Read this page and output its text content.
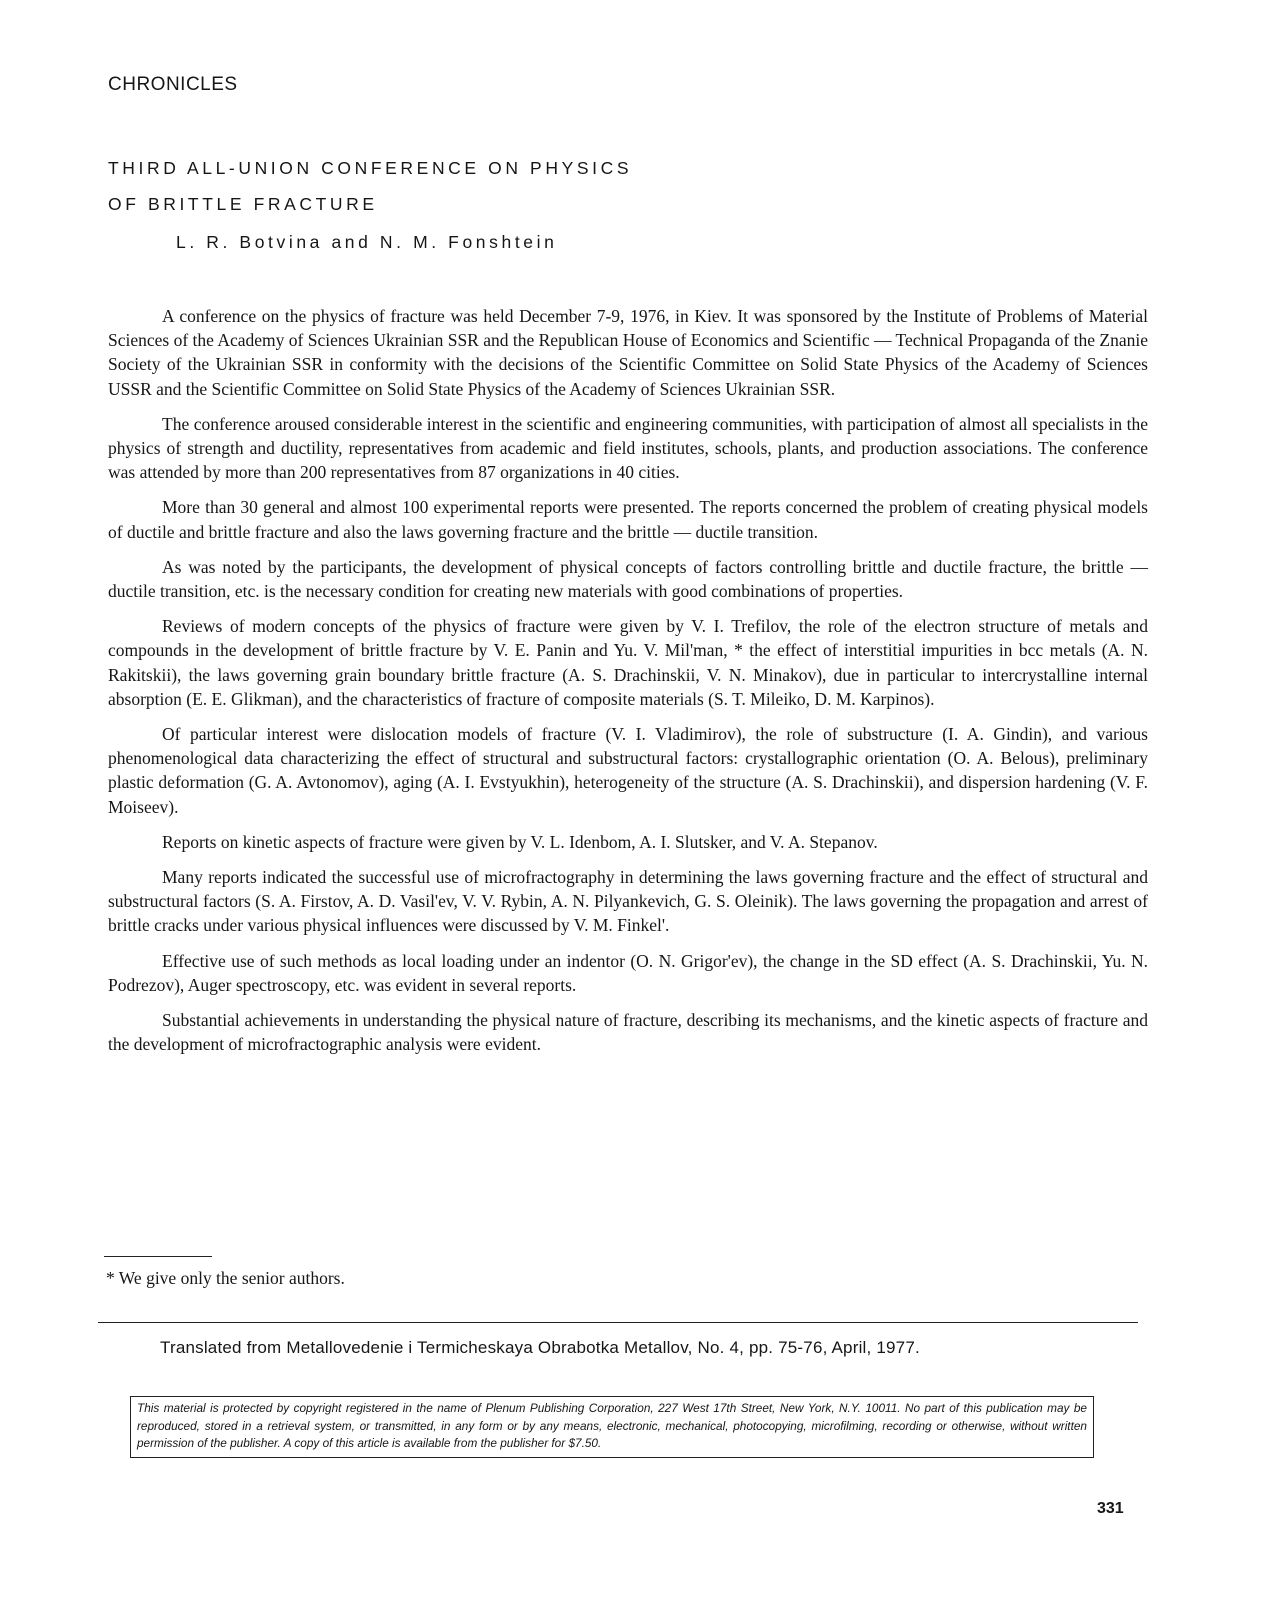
CHRONICLES
THIRD ALL-UNION CONFERENCE ON PHYSICS
OF BRITTLE FRACTURE
L. R. Botvina and N. M. Fonshtein

A conference on the physics of fracture was held December 7-9, 1976, in Kiev. It was sponsored by the Institute of Problems of Material Sciences of the Academy of Sciences Ukrainian SSR and the Republican House of Economics and Scientific — Technical Propaganda of the Znanie Society of the Ukrainian SSR in conformity with the decisions of the Scientific Committee on Solid State Physics of the Academy of Sciences USSR and the Scientific Committee on Solid State Physics of the Academy of Sciences Ukrainian SSR.

The conference aroused considerable interest in the scientific and engineering communities, with participation of almost all specialists in the physics of strength and ductility, representatives from academic and field institutes, schools, plants, and production associations. The conference was attended by more than 200 representatives from 87 organizations in 40 cities.

More than 30 general and almost 100 experimental reports were presented. The reports concerned the problem of creating physical models of ductile and brittle fracture and also the laws governing fracture and the brittle — ductile transition.

As was noted by the participants, the development of physical concepts of factors controlling brittle and ductile fracture, the brittle — ductile transition, etc. is the necessary condition for creating new materials with good combinations of properties.

Reviews of modern concepts of the physics of fracture were given by V. I. Trefilov, the role of the electron structure of metals and compounds in the development of brittle fracture by V. E. Panin and Yu. V. Mil'man, * the effect of interstitial impurities in bcc metals (A. N. Rakitskii), the laws governing grain boundary brittle fracture (A. S. Drachinskii, V. N. Minakov), due in particular to intercrystalline internal absorption (E. E. Glikman), and the characteristics of fracture of composite materials (S. T. Mileiko, D. M. Karpinos).

Of particular interest were dislocation models of fracture (V. I. Vladimirov), the role of substructure (I. A. Gindin), and various phenomenological data characterizing the effect of structural and substructural factors: crystallographic orientation (O. A. Belous), preliminary plastic deformation (G. A. Avtonomov), aging (A. I. Evstyukhin), heterogeneity of the structure (A. S. Drachinskii), and dispersion hardening (V. F. Moiseev).

Reports on kinetic aspects of fracture were given by V. L. Idenbom, A. I. Slutsker, and V. A. Stepanov.

Many reports indicated the successful use of microfractography in determining the laws governing fracture and the effect of structural and substructural factors (S. A. Firstov, A. D. Vasil'ev, V. V. Rybin, A. N. Pilyankevich, G. S. Oleinik). The laws governing the propagation and arrest of brittle cracks under various physical influences were discussed by V. M. Finkel'.

Effective use of such methods as local loading under an indentor (O. N. Grigor'ev), the change in the SD effect (A. S. Drachinskii, Yu. N. Podrezov), Auger spectroscopy, etc. was evident in several reports.

Substantial achievements in understanding the physical nature of fracture, describing its mechanisms, and the kinetic aspects of fracture and the development of microfractographic analysis were evident.

* We give only the senior authors.
Translated from Metallovedenie i Termicheskaya Obrabotka Metallov, No. 4, pp. 75-76, April, 1977.
This material is protected by copyright registered in the name of Plenum Publishing Corporation, 227 West 17th Street, New York, N.Y. 10011. No part of this publication may be reproduced, stored in a retrieval system, or transmitted, in any form or by any means, electronic, mechanical, photocopying, microfilming, recording or otherwise, without written permission of the publisher. A copy of this article is available from the publisher for $7.50.
331
